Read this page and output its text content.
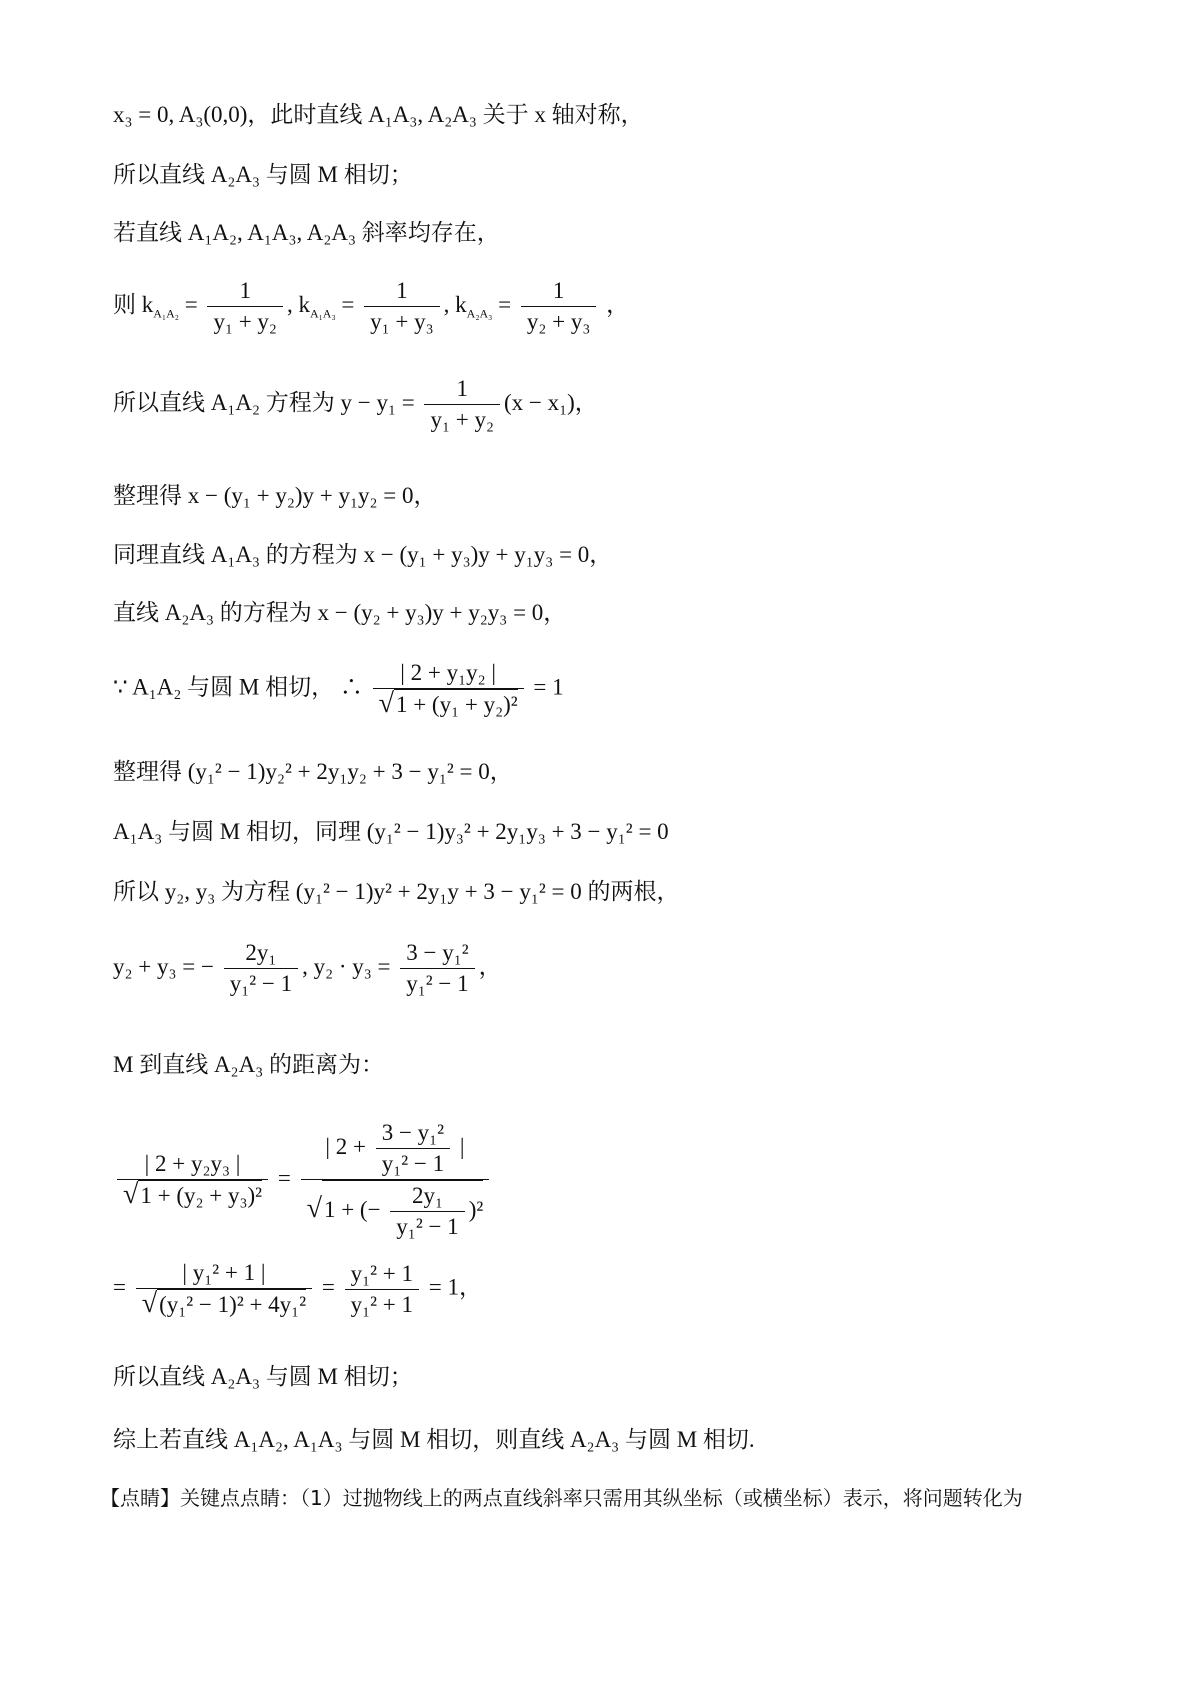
x₃ = 0, A₃(0,0)，此时直线 A₁A₃, A₂A₃ 关于 x 轴对称，
所以直线 A₂A₃ 与圆 M 相切；
若直线 A₁A₂, A₁A₃, A₂A₃ 斜率均存在，
则 $k_{A_1A_2} = \frac{1}{\text{y₁ + y₂}}$ , $k_{A_1A_3} = \frac{1}{\text{y₁ + y₃}}$ , $k_{A_2A_3} = \frac{1}{\text{y₂ + y₃}}$ ，
所以直线 A₁A₂ 方程为 $y - y_1 = \frac{1}{\text{y₁ + y₂}} (x - x_1)$，
整理得 x − (y₁ + y₂)y + y₁y₂ = 0，
同理直线 A₁A₃ 的方程为 x − (y₁ + y₃)y + y₁y₃ = 0，
直线 A₂A₃ 的方程为 x − (y₂ + y₃)y + y₂y₃ = 0，
∵ A₁A₂ 与圆 M 相切， ∴ $\frac{\text{| 2 + y₁y₂ |}}{\text{√1 + (y₁ + y₂)²}} = 1$
整理得 (y₁² − 1)y₂² + 2y₁y₂ + 3 − y₁² = 0，
A₁A₃ 与圆 M 相切，同理 (y₁² − 1)y₃² + 2y₁y₃ + 3 − y₁² = 0
所以 y₂, y₃ 为方程 (y₁² − 1)y² + 2y₁y + 3 − y₁² = 0 的两根，
y₂ + y₃ = − $\frac{\text{2y₁}}{\text{y₁² − 1}}$ , $y_2 \cdot y_3 = \frac{\text{3 − y₁²}}{\text{y₁² − 1}}$ ，
M 到直线 A₂A₃ 的距离为：
$\frac{\text{| 2 + y₂y₃ |}}{\text{√1 + (y₂ + y₃)²}} = \frac{| 2 + \frac{\text{3 − y₁²}}{\text{y₁² − 1}} |}{√1 + (- \frac{\text{2y₁}}{\text{y₁² − 1}} )^2}$
= $\frac{\text{| y₁² + 1 |}}{\text{√(y₁² − 1)² + 4y₁²}} = \frac{\text{y₁² + 1}}{\text{y₁² + 1}} = 1$，
所以直线 A₂A₃ 与圆 M 相切；
综上若直线 A₁A₂, A₁A₃ 与圆 M 相切，则直线 A₂A₃ 与圆 M 相切.
【点睛】关键点点睛：（1）过抛物线上的两点直线斜率只需用其纵坐标（或横坐标）表示，将问题转化为
